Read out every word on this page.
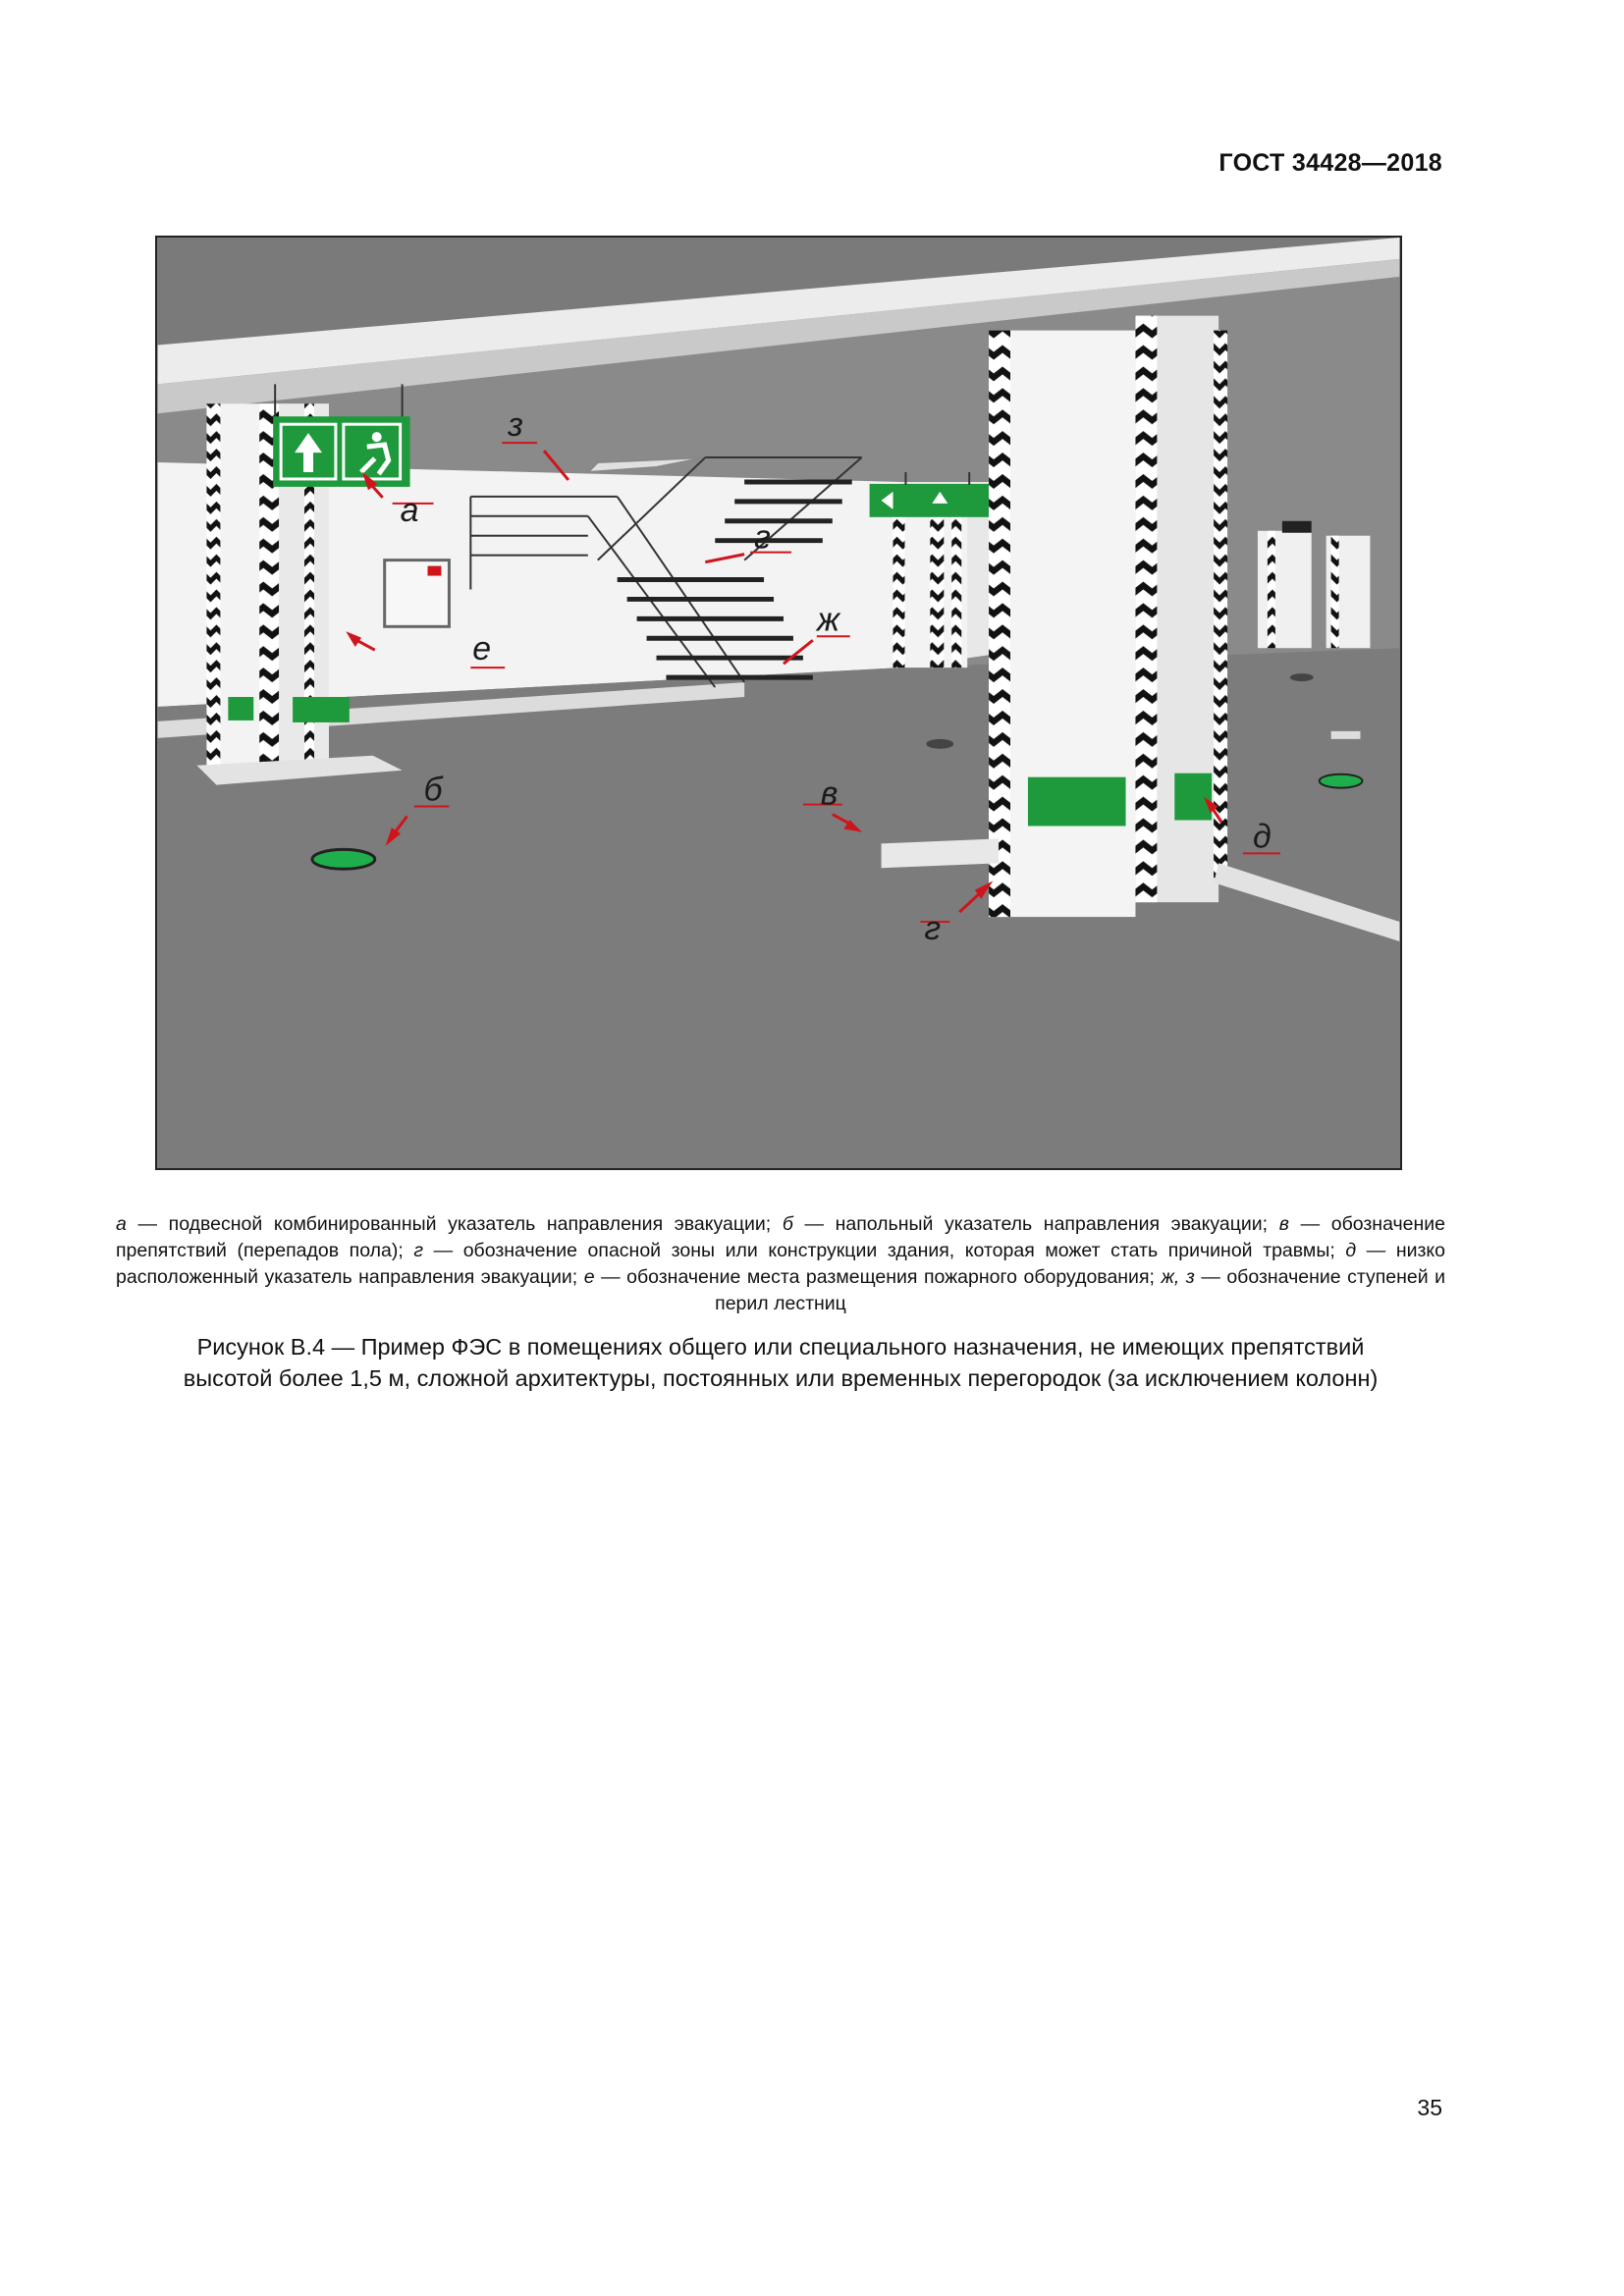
ГОСТ 34428—2018
а
е
б	в
г
д
г
ж
з
а — подвесной комбинированный указатель направления эвакуации; б — напольный указатель направления эвакуации; в — обозначение препятствий (перепадов пола); г — обозначение опасной зоны или конструкции здания, которая может стать причиной травмы; д — низко расположенный указатель направления эвакуации; е — обозначение места размещения пожарного оборудования; ж, з — обозначение ступеней и перил лестниц
Рисунок В.4 — Пример ФЭС в помещениях общего или специального назначения, не имеющих препятствий
высотой более 1,5 м, сложной архитектуры, постоянных или временных перегородок (за исключением колонн)
35
